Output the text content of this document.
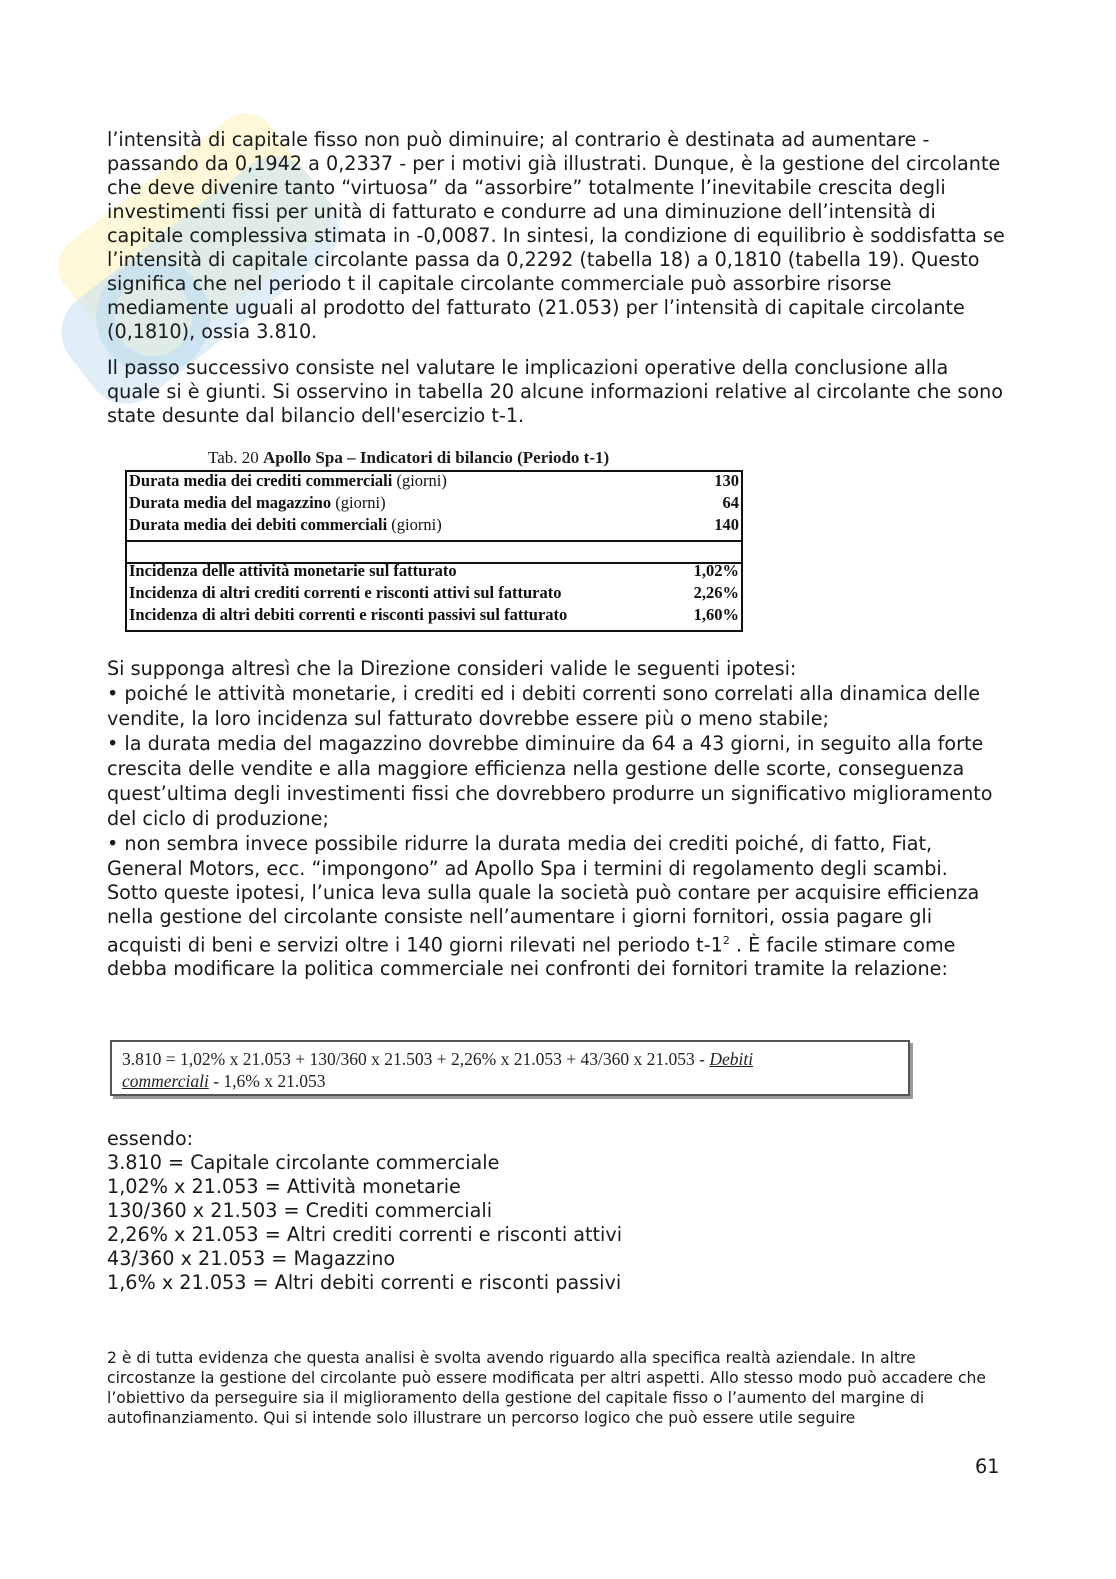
l’intensità di capitale fisso non può diminuire; al contrario è destinata ad aumentare - passando da 0,1942 a 0,2337 - per i motivi già illustrati. Dunque, è la gestione del circolante che deve divenire tanto “virtuosa” da “assorbire” totalmente l’inevitabile crescita degli investimenti fissi per unità di fatturato e condurre ad una diminuzione dell’intensità di capitale complessiva stimata in -0,0087. In sintesi, la condizione di equilibrio è soddisfatta se l’intensità di capitale circolante passa da 0,2292 (tabella 18) a 0,1810 (tabella 19). Questo significa che nel periodo t il capitale circolante commerciale può assorbire risorse mediamente uguali al prodotto del fatturato (21.053) per l’intensità di capitale circolante (0,1810), ossia 3.810.

Il passo successivo consiste nel valutare le implicazioni operative della conclusione alla quale si è giunti. Si osservino in tabella 20 alcune informazioni relative al circolante che sono state desunte dal bilancio dell'esercizio t-1.

Tab. 20 Apollo Spa – Indicatori di bilancio (Periodo t-1)
Durata media dei crediti commerciali (giorni)	130
Durata media del magazzino (giorni)	64
Durata media dei debiti commerciali (giorni)	140

Incidenza delle attività monetarie sul fatturato	1,02%
Incidenza di altri crediti correnti e risconti attivi sul fatturato	2,26%
Incidenza di altri debiti correnti e risconti passivi sul fatturato	1,60%

Si supponga altresì che la Direzione consideri valide le seguenti ipotesi:

• poiché le attività monetarie, i crediti ed i debiti correnti sono correlati alla dinamica delle vendite, la loro incidenza sul fatturato dovrebbe essere più o meno stabile;

• la durata media del magazzino dovrebbe diminuire da 64 a 43 giorni, in seguito alla forte crescita delle vendite e alla maggiore efficienza nella gestione delle scorte, conseguenza quest’ultima degli investimenti fissi che dovrebbero produrre un significativo miglioramento del ciclo di produzione;

• non sembra invece possibile ridurre la durata media dei crediti poiché, di fatto, Fiat, General Motors, ecc. “impongono” ad Apollo Spa i termini di regolamento degli scambi.

Sotto queste ipotesi, l’unica leva sulla quale la società può contare per acquisire efficienza nella gestione del circolante consiste nell’aumentare i giorni fornitori, ossia pagare gli acquisti di beni e servizi oltre i 140 giorni rilevati nel periodo $t-1^2$ . È facile stimare come debba modificare la politica commerciale nei confronti dei fornitori tramite la relazione:

3.810 = 1,02% x 21.053 + 130/360 x 21.503 + 2,26% x 21.053 + 43/360 x 21.053 - Debiti
commerciali - 1,6% x 21.053
essendo:
3.810 = Capitale circolante commerciale
1,02% x 21.053 = Attività monetarie
130/360 x 21.503 = Crediti commerciali
2,26% x 21.053 = Altri crediti correnti e risconti attivi
43/360 x 21.053 = Magazzino
1,6% x 21.053 = Altri debiti correnti e risconti passivi
2 è di tutta evidenza che questa analisi è svolta avendo riguardo alla specifica realtà aziendale. In altre circostanze la gestione del circolante può essere modificata per altri aspetti. Allo stesso modo può accadere che l’obiettivo da perseguire sia il miglioramento della gestione del capitale fisso o l’aumento del margine di autofinanziamento. Qui si intende solo illustrare un percorso logico che può essere utile seguire
61
